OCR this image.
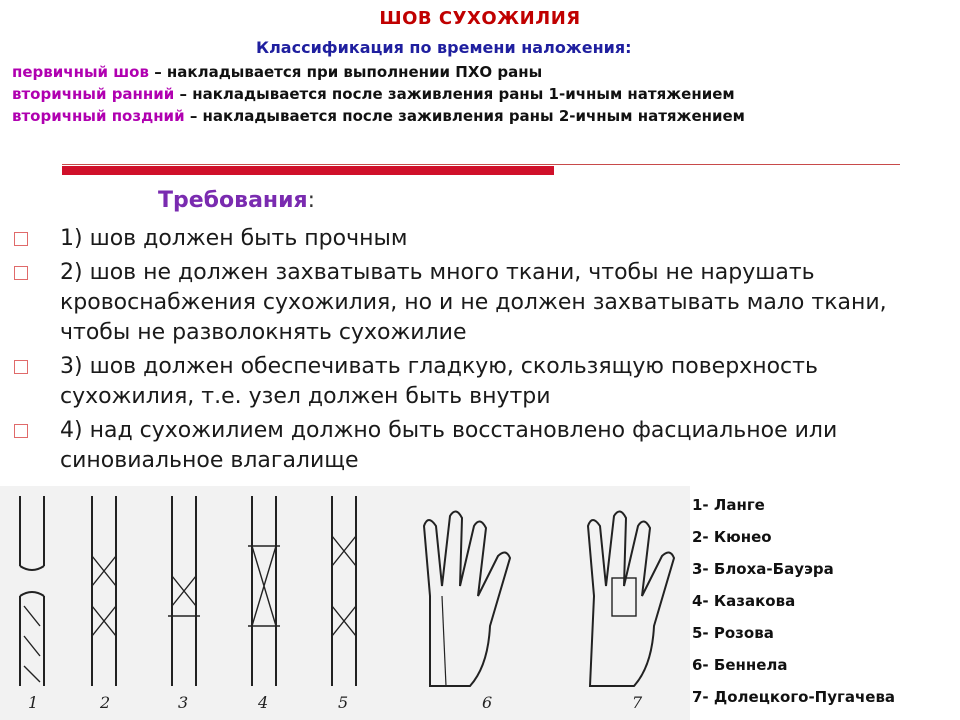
ШОВ СУХОЖИЛИЯ
Классификация по времени наложения:
первичный шов – накладывается при выполнении ПХО раны
вторичный ранний – накладывается после заживления раны 1-ичным натяжением
вторичный поздний – накладывается после заживления раны 2-ичным натяжением
Требования:
1) шов должен быть прочным
2) шов не должен захватывать много ткани, чтобы не нарушать кровоснабжения сухожилия, но и не должен захватывать мало ткани, чтобы не разволокнять сухожилие
3) шов должен обеспечивать гладкую, скользящую поверхность сухожилия, т.е. узел должен быть внутри
4) над сухожилием должно быть восстановлено фасциальное или синовиальное влагалище
1	2	3	4	5	6	7
1- Ланге
2- Кюнео
3- Блоха-Бауэра
4- Казакова
5- Розова
6- Беннела
7- Долецкого-Пугачева
